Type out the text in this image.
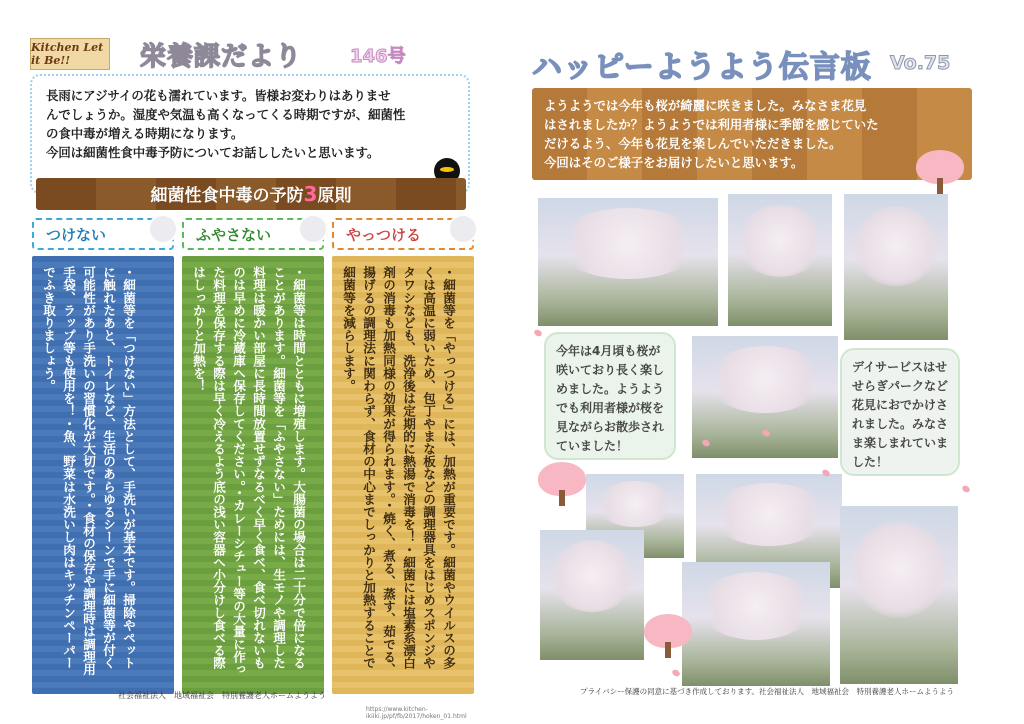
Kitchen Let it Be!!	栄養課だより	146号

長雨にアジサイの花も濡れています。皆様お変わりはありませ

んでしょうか。湿度や気温も高くなってくる時期ですが、細菌性

の食中毒が増える時期になります。

今回は細菌性食中毒予防についてお話ししたいと思います。

細菌性食中毒の予防3原則
つけない
・細菌等を「つけない」方法として、手洗いが基本です。掃除やペットに触れたあと、トイレなど、生活のあらゆるシーンで手に細菌等が付く可能性があり手洗いの習慣化が大切です。・食材の保存や調理時は調理用手袋、ラップ等も使用を！・魚、野菜は水洗いし肉はキッチンペーパーでふき取りましょう。
ふやさない
・細菌等は時間とともに増殖します。大腸菌の場合は二十分で倍になることがあります。細菌等を「ふやさない」ためには、生モノや調理した料理は暖かい部屋に長時間放置せずなるべく早く食べ、食べ切れないものは早めに冷蔵庫へ保存してください。・カレーシチュー等の大量に作った料理を保存する際は早く冷えるよう底の浅い容器へ小分けし食べる際はしっかりと加熱を！
やっつける
・細菌等を「やっつける」には、加熱が重要です。細菌やウイルスの多くは高温に弱いため、包丁やまな板などの調理器具をはじめスポンジやタワシなども、洗浄後は定期的に熱湯で消毒を！・細菌には塩素系漂白剤の消毒も加熱同様の効果が得られます。・焼く、煮る、蒸す、茹でる、揚げるの調理法に関わらず、食材の中心までしっかりと加熱することで細菌等を減らします。
https://www.kitchen-ikiiki.jp/pf/fb/2017/hoken_01.html
社会福祉法人　地域福祉会　特別養護老人ホームようよう
ハッピーようよう伝言板 Vo.75

ようようでは今年も桜が綺麗に咲きました。みなさま花見

はされましたか？ようようでは利用者様に季節を感じていた

だけるよう、今年も花見を楽しんでいただきました。

今回はそのご様子をお届けしたいと思います。

今年は4月頃も桜が咲いており長く楽しめました。ようようでも利用者様が桜を見ながらお散歩されていました！
デイサービスはせせらぎパークなど花見におでかけされました。みなさま楽しまれていました！
プライバシー保護の同意に基づき作成しております。社会福祉法人　地域福祉会　特別養護老人ホームようよう
